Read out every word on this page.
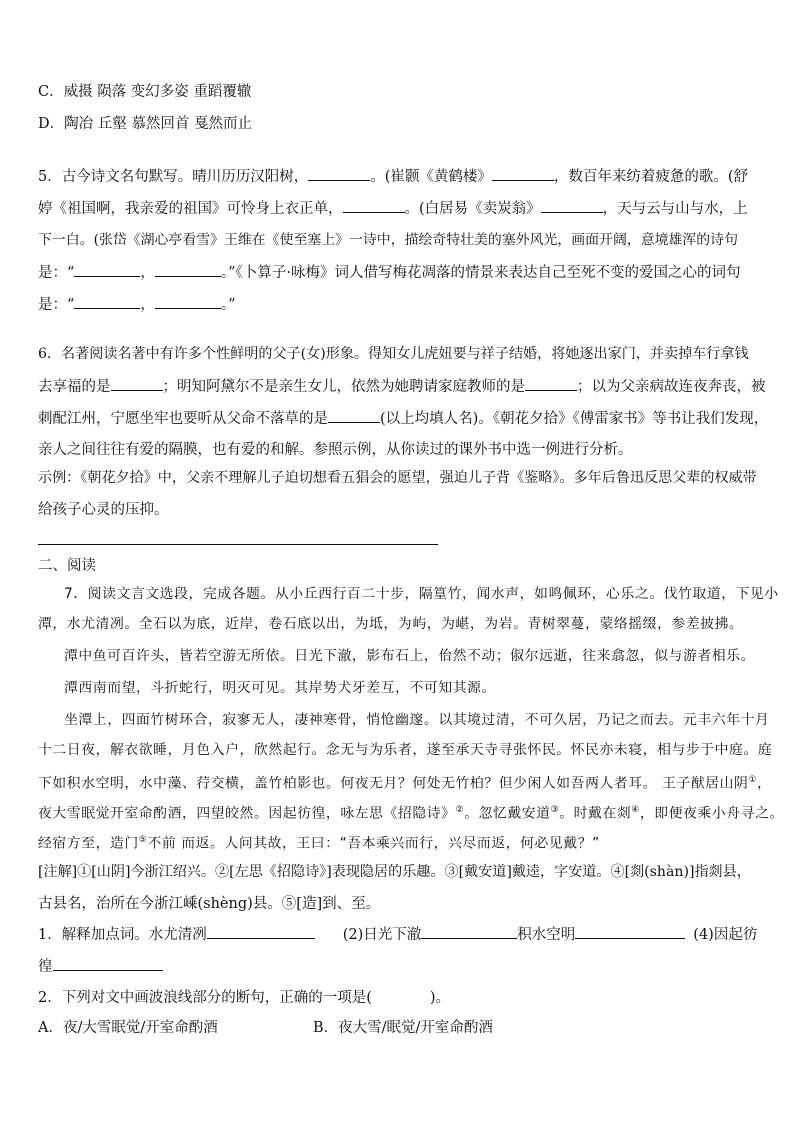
C．威摄 陨落 变幻多姿 重蹈覆辙
D．陶冶 丘壑 慕然回首 戛然而止
5．古今诗文名句默写。晴川历历汉阳树，	。(崔颢《黄鹤楼》	，数百年来纺着疲惫的歌。(舒
婷《祖国啊，我亲爱的祖国》可怜身上衣正单，	。(白居易《卖炭翁》	，天与云与山与水，上
下一白。(张岱《湖心亭看雪》王维在《使至塞上》一诗中，描绘奇特壮美的塞外风光，画面开阔，意境雄浑的诗句
是：“	，	。”《卜算子·咏梅》词人借写梅花凋落的情景来表达自己至死不变的爱国之心的词句
是：“	，	。”
6．名著阅读名著中有许多个性鲜明的父子(女)形象。得知女儿虎妞要与祥子结婚，将她逐出家门，并卖掉车行拿钱
去享福的是	；明知阿黛尔不是亲生女儿，依然为她聘请家庭教师的是	；以为父亲病故连夜奔丧，被
刺配江州，宁愿坐牢也要听从父命不落草的是	(以上均填人名)。《朝花夕拾》《傅雷家书》等书让我们发现，
亲人之间往往有爱的隔膜，也有爱的和解。参照示例，从你读过的课外书中选一例进行分析。
示例：《朝花夕拾》中，父亲不理解儿子迫切想看五猖会的愿望，强迫儿子背《鉴略》。多年后鲁迅反思父辈的权威带
给孩子心灵的压抑。
二、阅读
7．阅读文言文选段，完成各题。从小丘西行百二十步，隔篁竹，闻水声，如鸣佩环，心乐之。伐竹取道，下见小
潭，水尤清冽。全石以为底，近岸，卷石底以出，为坻，为屿，为嵁，为岩。青树翠蔓，蒙络摇缀，参差披拂。
潭中鱼可百许头，皆若空游无所依。日光下澈，影布石上，佁然不动；俶尔远逝，往来翕忽，似与游者相乐。
潭西南而望，斗折蛇行，明灭可见。其岸势犬牙差互，不可知其源。
坐潭上，四面竹树环合，寂寥无人，凄神寒骨，悄怆幽邃。以其境过清，不可久居，乃记之而去。元丰六年十月
十二日夜，解衣欲睡，月色入户，欣然起行。念无与为乐者，遂至承天寺寻张怀民。怀民亦未寝，相与步于中庭。庭
下如积水空明，水中藻、荇交横，盖竹柏影也。何夜无月？何处无竹柏？但少闲人如吾两人者耳。 王子猷居山阴①，
夜大雪眠觉开室命酌酒，四望皎然。因起彷徨，咏左思《招隐诗》②。忽忆戴安道③。时戴在剡④，即便夜乘小舟寻之。
经宿方至，造门⑤不前 而返。人问其故，王曰：“吾本乘兴而行，兴尽而返，何必见戴？”
[注解]①[山阴]今浙江绍兴。②[左思《招隐诗》]表现隐居的乐趣。③[戴安道]戴逵，字安道。④[剡(shàn)]指剡县，
古县名，治所在今浙江嵊(shèng)县。⑤[造]到、至。
1．解释加点词。水尤清冽	(2)日光下澈	积水空明	(4)因起彷
徨
2．下列对文中画波浪线部分的断句，正确的一项是(	)。
A．夜/大雪眠觉/开室命酌酒	B．夜大雪/眠觉/开室命酌酒
